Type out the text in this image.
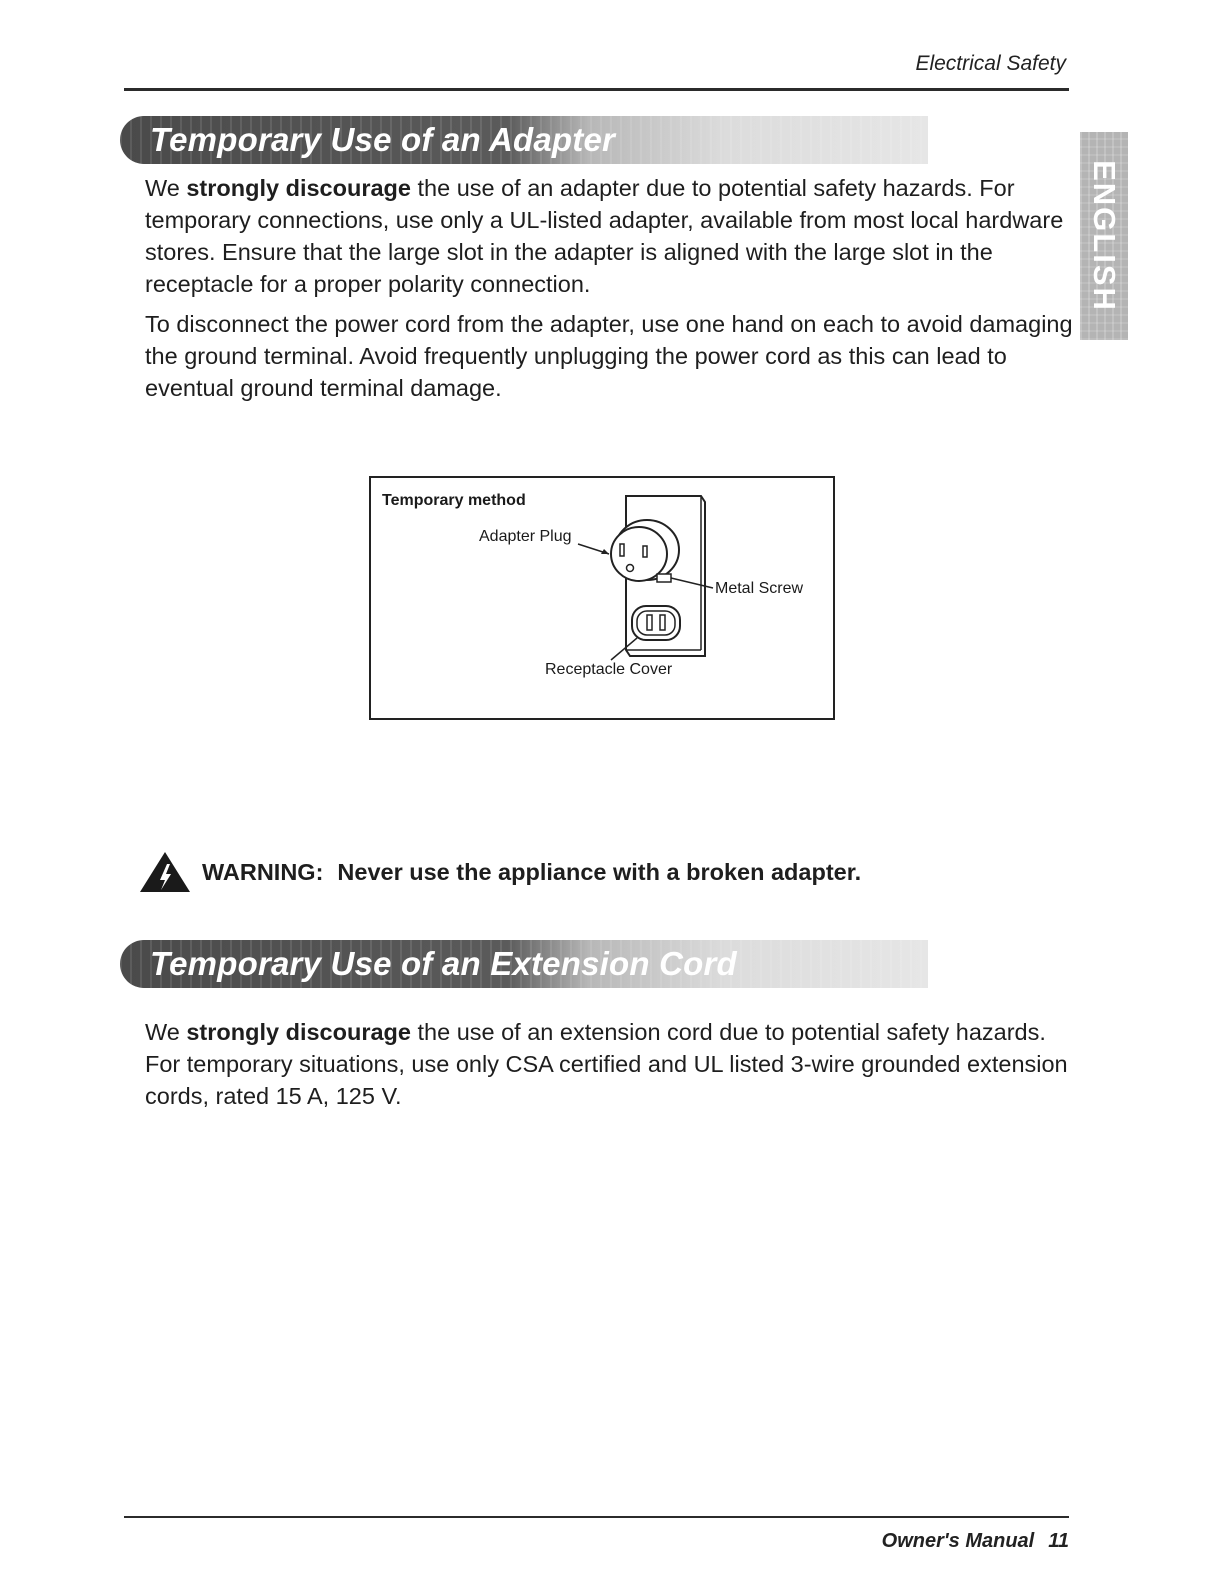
Electrical Safety
ENGLISH
Temporary Use of an Adapter

We strongly discourage the use of an adapter due to potential safety hazards. For temporary connections, use only a UL-listed adapter, available from most local hardware stores. Ensure that the large slot in the adapter is aligned with the large slot in the receptacle for a proper polarity connection.

To disconnect the power cord from the adapter, use one hand on each to avoid damaging the ground terminal. Avoid frequently unplugging the power cord as this can lead to eventual ground terminal damage.

Temporary method
Adapter Plug
Metal Screw
Receptacle Cover
WARNING: Never use the appliance with a broken adapter.
Temporary Use of an Extension Cord

We strongly discourage the use of an extension cord due to potential safety hazards. For temporary situations, use only CSA certified and UL listed 3-wire grounded extension cords, rated 15 A, 125 V.

Owner's Manual 11
